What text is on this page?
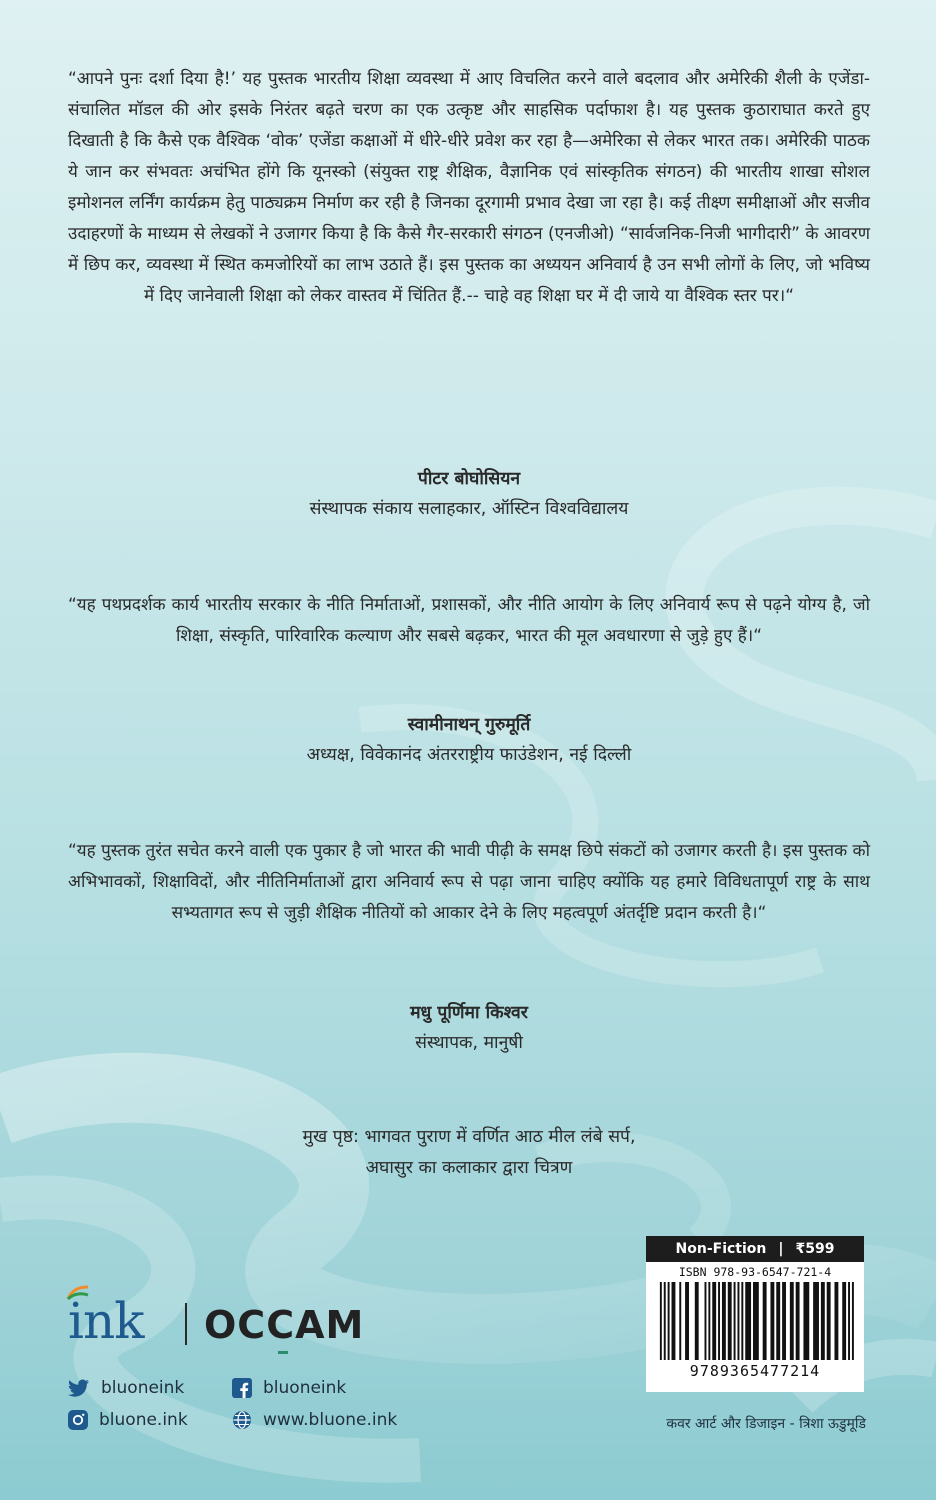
“आपने पुनः दर्शा दिया है!’ यह पुस्तक भारतीय शिक्षा व्यवस्था में आए विचलित करने वाले बदलाव और अमेरिकी शैली के एजेंडा-संचालित मॉडल की ओर इसके निरंतर बढ़ते चरण का एक उत्कृष्ट और साहसिक पर्दाफाश है। यह पुस्तक कुठाराघात करते हुए दिखाती है कि कैसे एक वैश्विक ‘वोक’ एजेंडा कक्षाओं में धीरे-धीरे प्रवेश कर रहा है—अमेरिका से लेकर भारत तक। अमेरिकी पाठक ये जान कर संभवतः अचंभित होंगे कि यूनस्को (संयुक्त राष्ट्र शैक्षिक, वैज्ञानिक एवं सांस्कृतिक संगठन) की भारतीय शाखा सोशल इमोशनल लर्निंग कार्यक्रम हेतु पाठ्यक्रम निर्माण कर रही है जिनका दूरगामी प्रभाव देखा जा रहा है। कई तीक्ष्ण समीक्षाओं और सजीव उदाहरणों के माध्यम से लेखकों ने उजागर किया है कि कैसे गैर-सरकारी संगठन (एनजीओ) “सार्वजनिक-निजी भागीदारी” के आवरण में छिप कर, व्यवस्था में स्थित कमजोरियों का लाभ उठाते हैं। इस पुस्तक का अध्ययन अनिवार्य है उन सभी लोगों के लिए, जो भविष्य में दिए जानेवाली शिक्षा को लेकर वास्तव में चिंतित हैं.-- चाहे वह शिक्षा घर में दी जाये या वैश्विक स्तर पर।“

पीटर बोघोसियन

संस्थापक संकाय सलाहकार, ऑस्टिन विश्वविद्यालय

“यह पथप्रदर्शक कार्य भारतीय सरकार के नीति निर्माताओं, प्रशासकों, और नीति आयोग के लिए अनिवार्य रूप से पढ़ने योग्य है, जो शिक्षा, संस्कृति, पारिवारिक कल्याण और सबसे बढ़कर, भारत की मूल अवधारणा से जुड़े हुए हैं।“

स्वामीनाथन् गुरुमूर्ति

अध्यक्ष, विवेकानंद अंतरराष्ट्रीय फाउंडेशन, नई दिल्ली

“यह पुस्तक तुरंत सचेत करने वाली एक पुकार है जो भारत की भावी पीढ़ी के समक्ष छिपे संकटों को उजागर करती है। इस पुस्तक को अभिभावकों, शिक्षाविदों, और नीतिनिर्माताओं द्वारा अनिवार्य रूप से पढ़ा जाना चाहिए क्योंकि यह हमारे विविधतापूर्ण राष्ट्र के साथ सभ्यतागत रूप से जुड़ी शैक्षिक नीतियों को आकार देने के लिए महत्वपूर्ण अंतर्दृष्टि प्रदान करती है।“

मधु पूर्णिमा किश्वर

संस्थापक, मानुषी

मुख पृष्ठ: भागवत पुराण में वर्णित आठ मील लंबे सर्प,
अघासुर का कलाकार द्वारा चित्रण
ink OCCAM
bluoneink	bluoneink
bluone.ink	www.bluone.ink
Non-Fiction | ₹599
ISBN 978-93-6547-721-4
9789365477214
कवर आर्ट और डिजाइन - त्रिशा ऊडुमूडि
